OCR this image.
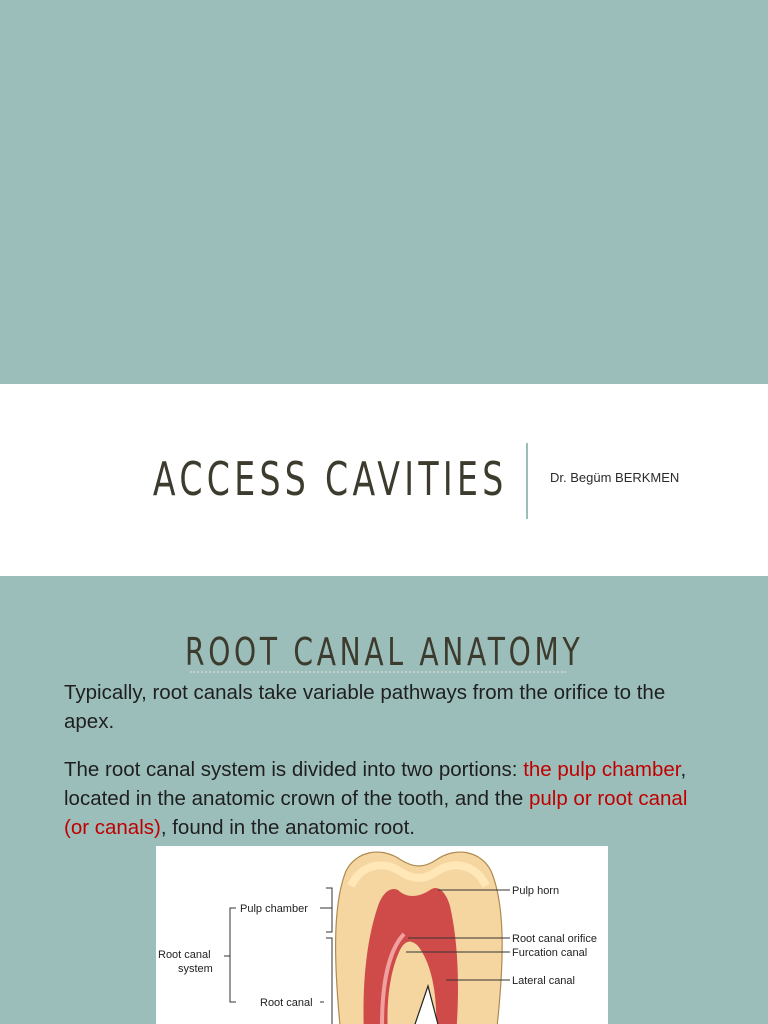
ACCESS CAVITIES	Dr. Begüm BERKMEN
ROOT CANAL ANATOMY

Typically, root canals take variable pathways from the orifice to the apex.

The root canal system is divided into two portions: the pulp chamber, located in the anatomic crown of the tooth, and the pulp or root canal (or canals), found in the anatomic root.

Pulp chamber
Root canal
system
Root canal
Pulp horn
Root canal orifice
Furcation canal
Lateral canal
